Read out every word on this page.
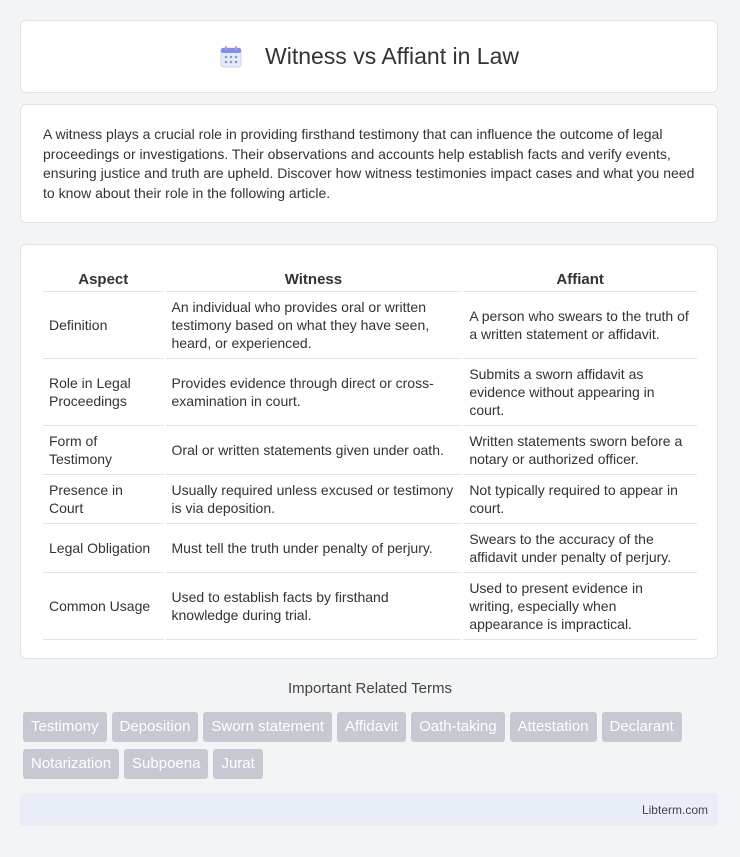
Witness vs Affiant in Law
A witness plays a crucial role in providing firsthand testimony that can influence the outcome of legal proceedings or investigations. Their observations and accounts help establish facts and verify events, ensuring justice and truth are upheld. Discover how witness testimonies impact cases and what you need to know about their role in the following article.
Aspect	Witness	Affiant
Definition	An individual who provides oral or written testimony based on what they have seen, heard, or experienced.	A person who swears to the truth of a written statement or affidavit.
Role in Legal Proceedings	Provides evidence through direct or cross-examination in court.	Submits a sworn affidavit as evidence without appearing in court.
Form of Testimony	Oral or written statements given under oath.	Written statements sworn before a notary or authorized officer.
Presence in Court	Usually required unless excused or testimony is via deposition.	Not typically required to appear in court.
Legal Obligation	Must tell the truth under penalty of perjury.	Swears to the accuracy of the affidavit under penalty of perjury.
Common Usage	Used to establish facts by firsthand knowledge during trial.	Used to present evidence in writing, especially when appearance is impractical.
Important Related Terms
Testimony	Deposition	Sworn statement	Affidavit	Oath-taking	Attestation	Declarant
Notarization	Subpoena	Jurat
Libterm.com
